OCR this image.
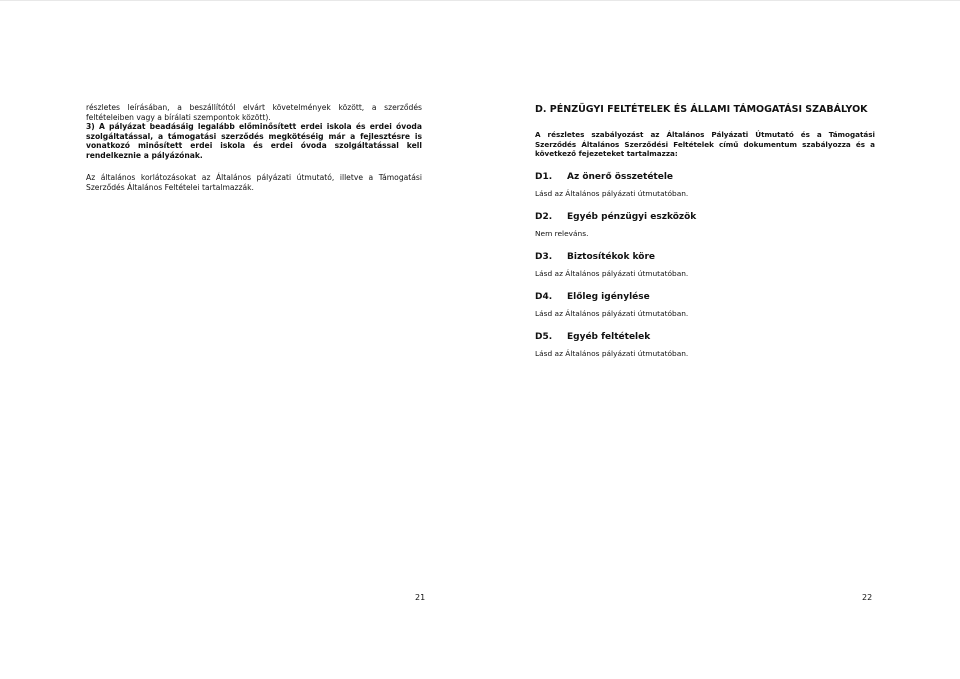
részletes leírásában, a beszállítótól elvárt követelmények között, a szerződés feltételeiben vagy a bírálati szempontok között).

3) A pályázat beadásáig legalább előminősített erdei iskola és erdei óvoda szolgáltatással, a támogatási szerződés megkötéséig már a fejlesztésre is vonatkozó minősített erdei iskola és erdei óvoda szolgáltatással kell rendelkeznie a pályázónak.

Az általános korlátozásokat az Általános pályázati útmutató, illetve a Támogatási Szerződés Általános Feltételei tartalmazzák.

21
D. PÉNZÜGYI FELTÉTELEK ÉS ÁLLAMI TÁMOGATÁSI SZABÁLYOK

A részletes szabályozást az Általános Pályázati Útmutató és a Támogatási Szerződés Általános Szerződési Feltételek című dokumentum szabályozza és a következő fejezeteket tartalmazza:

D1.	Az önerő összetétele

Lásd az Általános pályázati útmutatóban.

D2.	Egyéb pénzügyi eszközök

Nem releváns.

D3.	Biztosítékok köre

Lásd az Általános pályázati útmutatóban.

D4.	Előleg igénylése

Lásd az Általános pályázati útmutatóban.

D5.	Egyéb feltételek

Lásd az Általános pályázati útmutatóban.

22
